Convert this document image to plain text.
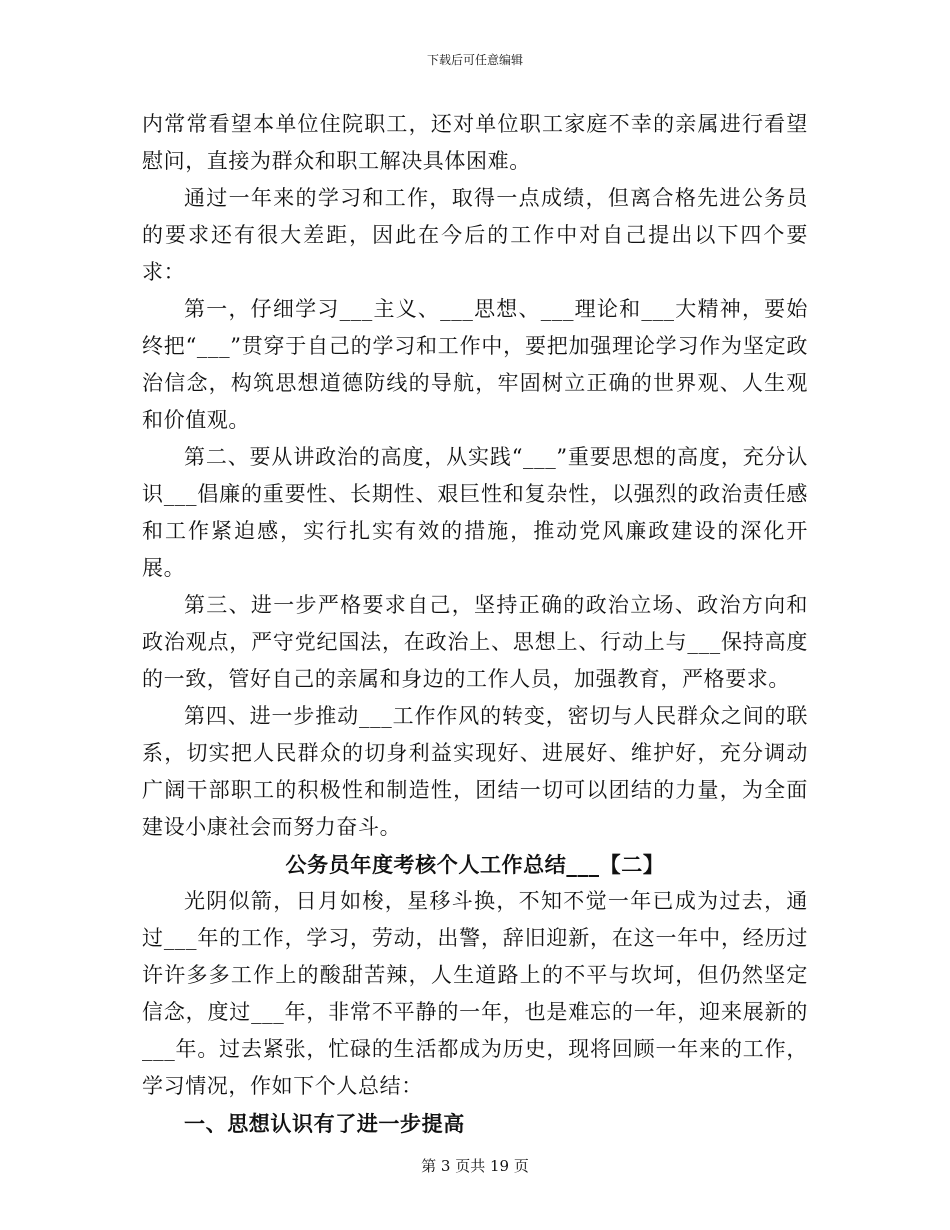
下载后可任意编辑

内常常看望本单位住院职工，还对单位职工家庭不幸的亲属进行看望慰问，直接为群众和职工解决具体困难。

通过一年来的学习和工作，取得一点成绩，但离合格先进公务员的要求还有很大差距，因此在今后的工作中对自己提出以下四个要求：

第一，仔细学习___主义、___思想、___理论和___大精神，要始终把“___”贯穿于自己的学习和工作中，要把加强理论学习作为坚定政治信念，构筑思想道德防线的导航，牢固树立正确的世界观、人生观和价值观。

第二、要从讲政治的高度，从实践“___”重要思想的高度，充分认识___倡廉的重要性、长期性、艰巨性和复杂性，以强烈的政治责任感和工作紧迫感，实行扎实有效的措施，推动党风廉政建设的深化开展。

第三、进一步严格要求自己，坚持正确的政治立场、政治方向和政治观点，严守党纪国法，在政治上、思想上、行动上与___保持高度的一致，管好自己的亲属和身边的工作人员，加强教育，严格要求。

第四、进一步推动___工作作风的转变，密切与人民群众之间的联系，切实把人民群众的切身利益实现好、进展好、维护好，充分调动广阔干部职工的积极性和制造性，团结一切可以团结的力量，为全面建设小康社会而努力奋斗。

公务员年度考核个人工作总结___【二】

光阴似箭，日月如梭，星移斗换，不知不觉一年已成为过去，通过___年的工作，学习，劳动，出警，辞旧迎新，在这一年中，经历过许许多多工作上的酸甜苦辣，人生道路上的不平与坎坷，但仍然坚定信念，度过___年，非常不平静的一年，也是难忘的一年，迎来展新的___年。过去紧张，忙碌的生活都成为历史，现将回顾一年来的工作，学习情况，作如下个人总结：

一、思想认识有了进一步提高

第 3 页共 19 页
